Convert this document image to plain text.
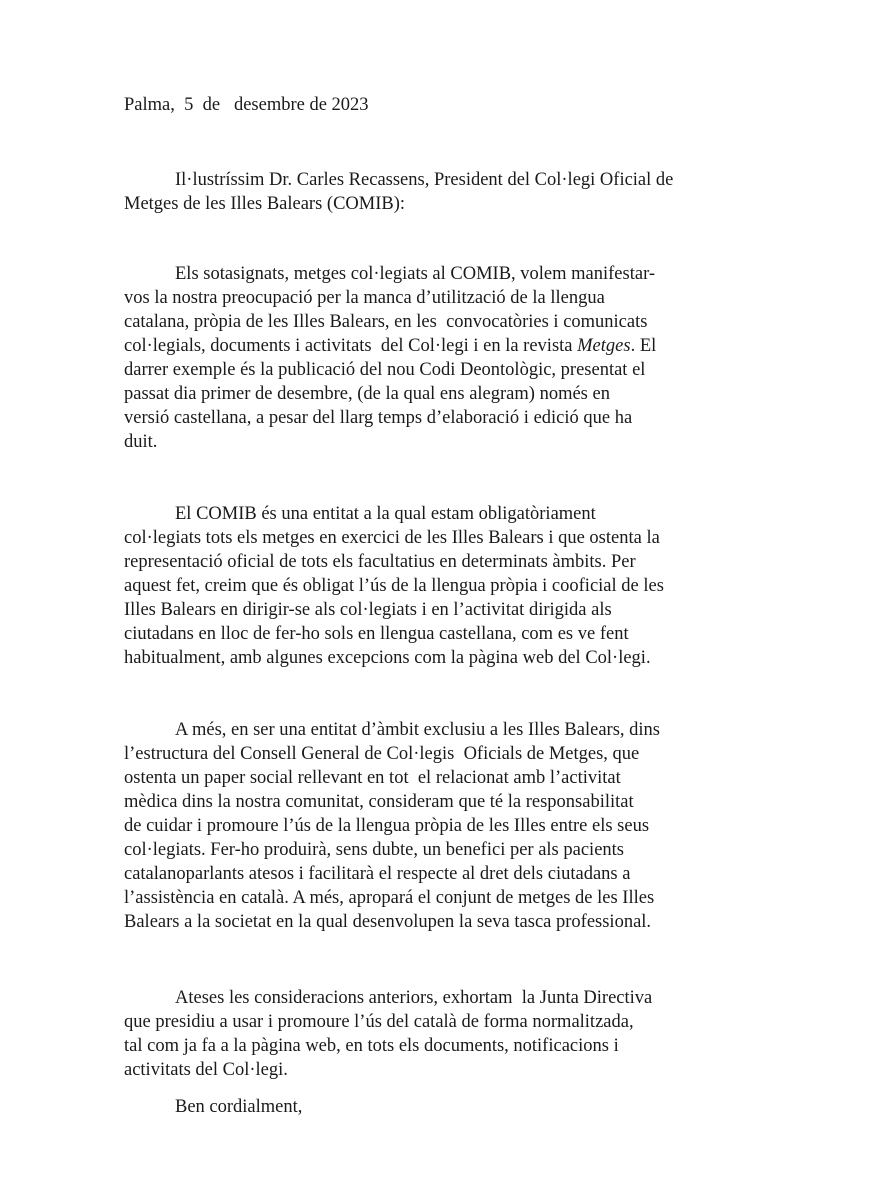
Palma,  5  de   desembre de 2023

Il·lustríssim Dr. Carles Recassens, President del Col·legi Oficial de
Metges de les Illes Balears (COMIB):
Els sotasignats, metges col·legiats al COMIB, volem manifestar-
vos la nostra preocupació per la manca d’utilització de la llengua
catalana, pròpia de les Illes Balears, en les  convocatòries i comunicats
col·legials, documents i activitats  del Col·legi i en la revista Metges. El
darrer exemple és la publicació del nou Codi Deontològic, presentat el
passat dia primer de desembre, (de la qual ens alegram) només en
versió castellana, a pesar del llarg temps d’elaboració i edició que ha
duit.
El COMIB és una entitat a la qual estam obligatòriament
col·legiats tots els metges en exercici de les Illes Balears i que ostenta la
representació oficial de tots els facultatius en determinats àmbits. Per
aquest fet, creim que és obligat l’ús de la llengua pròpia i cooficial de les
Illes Balears en dirigir-se als col·legiats i en l’activitat dirigida als
ciutadans en lloc de fer-ho sols en llengua castellana, com es ve fent
habitualment, amb algunes excepcions com la pàgina web del Col·legi.
A més, en ser una entitat d’àmbit exclusiu a les Illes Balears, dins
l’estructura del Consell General de Col·legis  Oficials de Metges, que
ostenta un paper social rellevant en tot  el relacionat amb l’activitat
mèdica dins la nostra comunitat, consideram que té la responsabilitat
de cuidar i promoure l’ús de la llengua pròpia de les Illes entre els seus
col·legiats. Fer-ho produirà, sens dubte, un benefici per als pacients
catalanoparlants atesos i facilitarà el respecte al dret dels ciutadans a
l’assistència en català. A més, apropará el conjunt de metges de les Illes
Balears a la societat en la qual desenvolupen la seva tasca professional.
Ateses les consideracions anteriors, exhortam  la Junta Directiva
que presidiu a usar i promoure l’ús del català de forma normalitzada,
tal com ja fa a la pàgina web, en tots els documents, notificacions i
activitats del Col·legi.

Ben cordialment,
